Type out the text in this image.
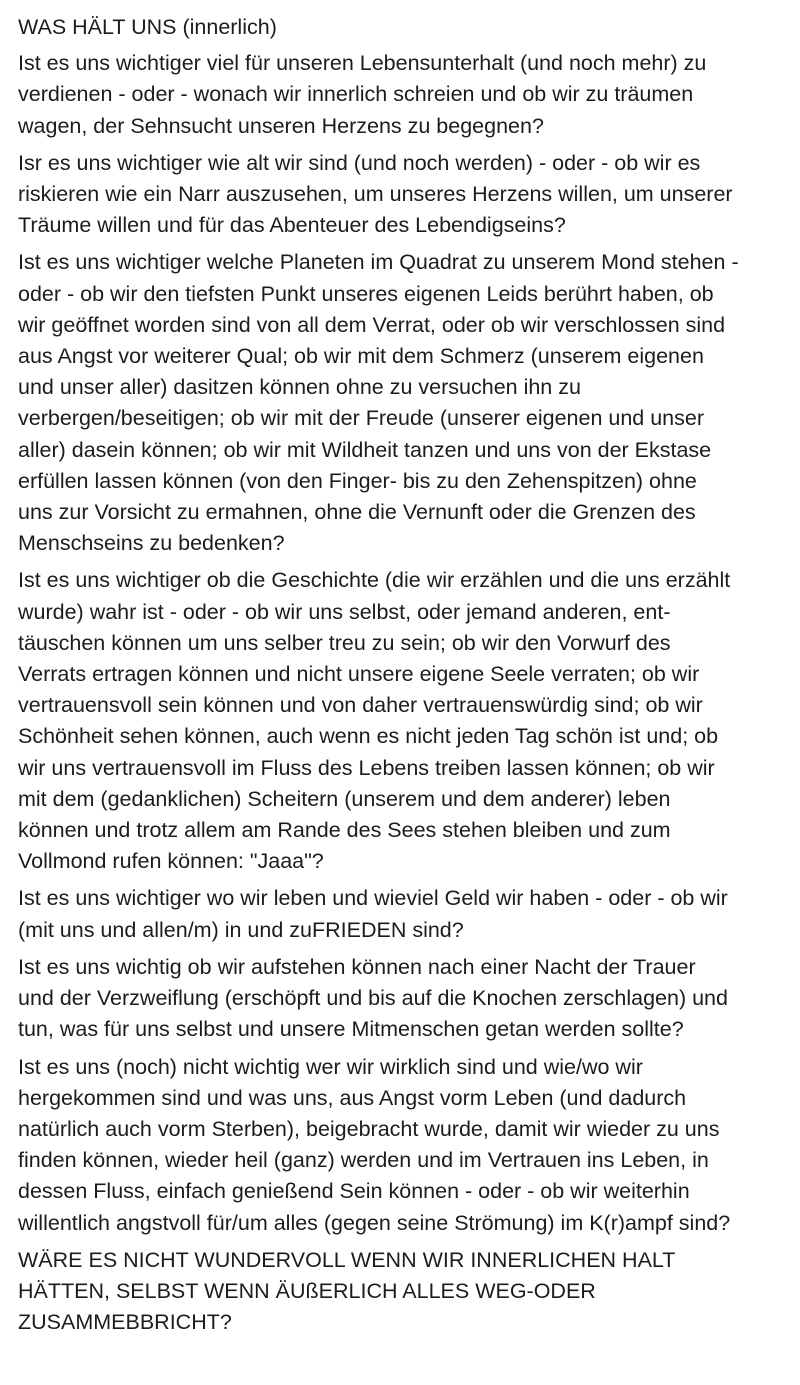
WAS HÄLT UNS (innerlich)
Ist es uns wichtiger viel für unseren Lebensunterhalt (und noch mehr) zu
verdienen - oder - wonach wir innerlich schreien und ob wir zu träumen
wagen, der Sehnsucht unseren Herzens zu begegnen?
Isr es uns wichtiger wie alt wir sind (und noch werden) - oder - ob wir es
riskieren wie ein Narr auszusehen, um unseres Herzens willen, um unserer
Träume willen und für das Abenteuer des Lebendigseins?
Ist es uns wichtiger welche Planeten im Quadrat zu unserem Mond stehen -
oder - ob wir den tiefsten Punkt unseres eigenen Leids berührt haben, ob
wir geöffnet worden sind von all dem Verrat, oder ob wir verschlossen sind
aus Angst vor weiterer Qual; ob wir mit dem Schmerz (unserem eigenen
und unser aller) dasitzen können ohne zu versuchen ihn zu
verbergen/beseitigen; ob wir mit der Freude (unserer eigenen und unser
aller) dasein können; ob wir mit Wildheit tanzen und uns von der Ekstase
erfüllen lassen können (von den Finger- bis zu den Zehenspitzen) ohne
uns zur Vorsicht zu ermahnen, ohne die Vernunft oder die Grenzen des
Menschseins zu bedenken?
Ist es uns wichtiger ob die Geschichte (die wir erzählen und die uns erzählt
wurde) wahr ist - oder - ob wir uns selbst, oder jemand anderen, ent-
täuschen können um uns selber treu zu sein; ob wir den Vorwurf des
Verrats ertragen können und nicht unsere eigene Seele verraten; ob wir
vertrauensvoll sein können und von daher vertrauenswürdig sind; ob wir
Schönheit sehen können, auch wenn es nicht jeden Tag schön ist und; ob
wir uns vertrauensvoll im Fluss des Lebens treiben lassen können; ob wir
mit dem (gedanklichen) Scheitern (unserem und dem anderer) leben
können und trotz allem am Rande des Sees stehen bleiben und zum
Vollmond rufen können: "Jaaa"?
Ist es uns wichtiger wo wir leben und wieviel Geld wir haben - oder - ob wir
(mit uns und allen/m) in und zuFRIEDEN sind?
Ist es uns wichtig ob wir aufstehen können nach einer Nacht der Trauer
und der Verzweiflung (erschöpft und bis auf die Knochen zerschlagen) und
tun, was für uns selbst und unsere Mitmenschen getan werden sollte?
Ist es uns (noch) nicht wichtig wer wir wirklich sind und wie/wo wir
hergekommen sind und was uns, aus Angst vorm Leben (und dadurch
natürlich auch vorm Sterben), beigebracht wurde, damit wir wieder zu uns
finden können, wieder heil (ganz) werden und im Vertrauen ins Leben, in
dessen Fluss, einfach genießend Sein können - oder - ob wir weiterhin
willentlich angstvoll für/um alles (gegen seine Strömung) im K(r)ampf sind?
WÄRE ES NICHT WUNDERVOLL WENN WIR INNERLICHEN HALT
HÄTTEN, SELBST WENN ÄUßERLICH ALLES WEG-ODER
ZUSAMMEBBRICHT?
